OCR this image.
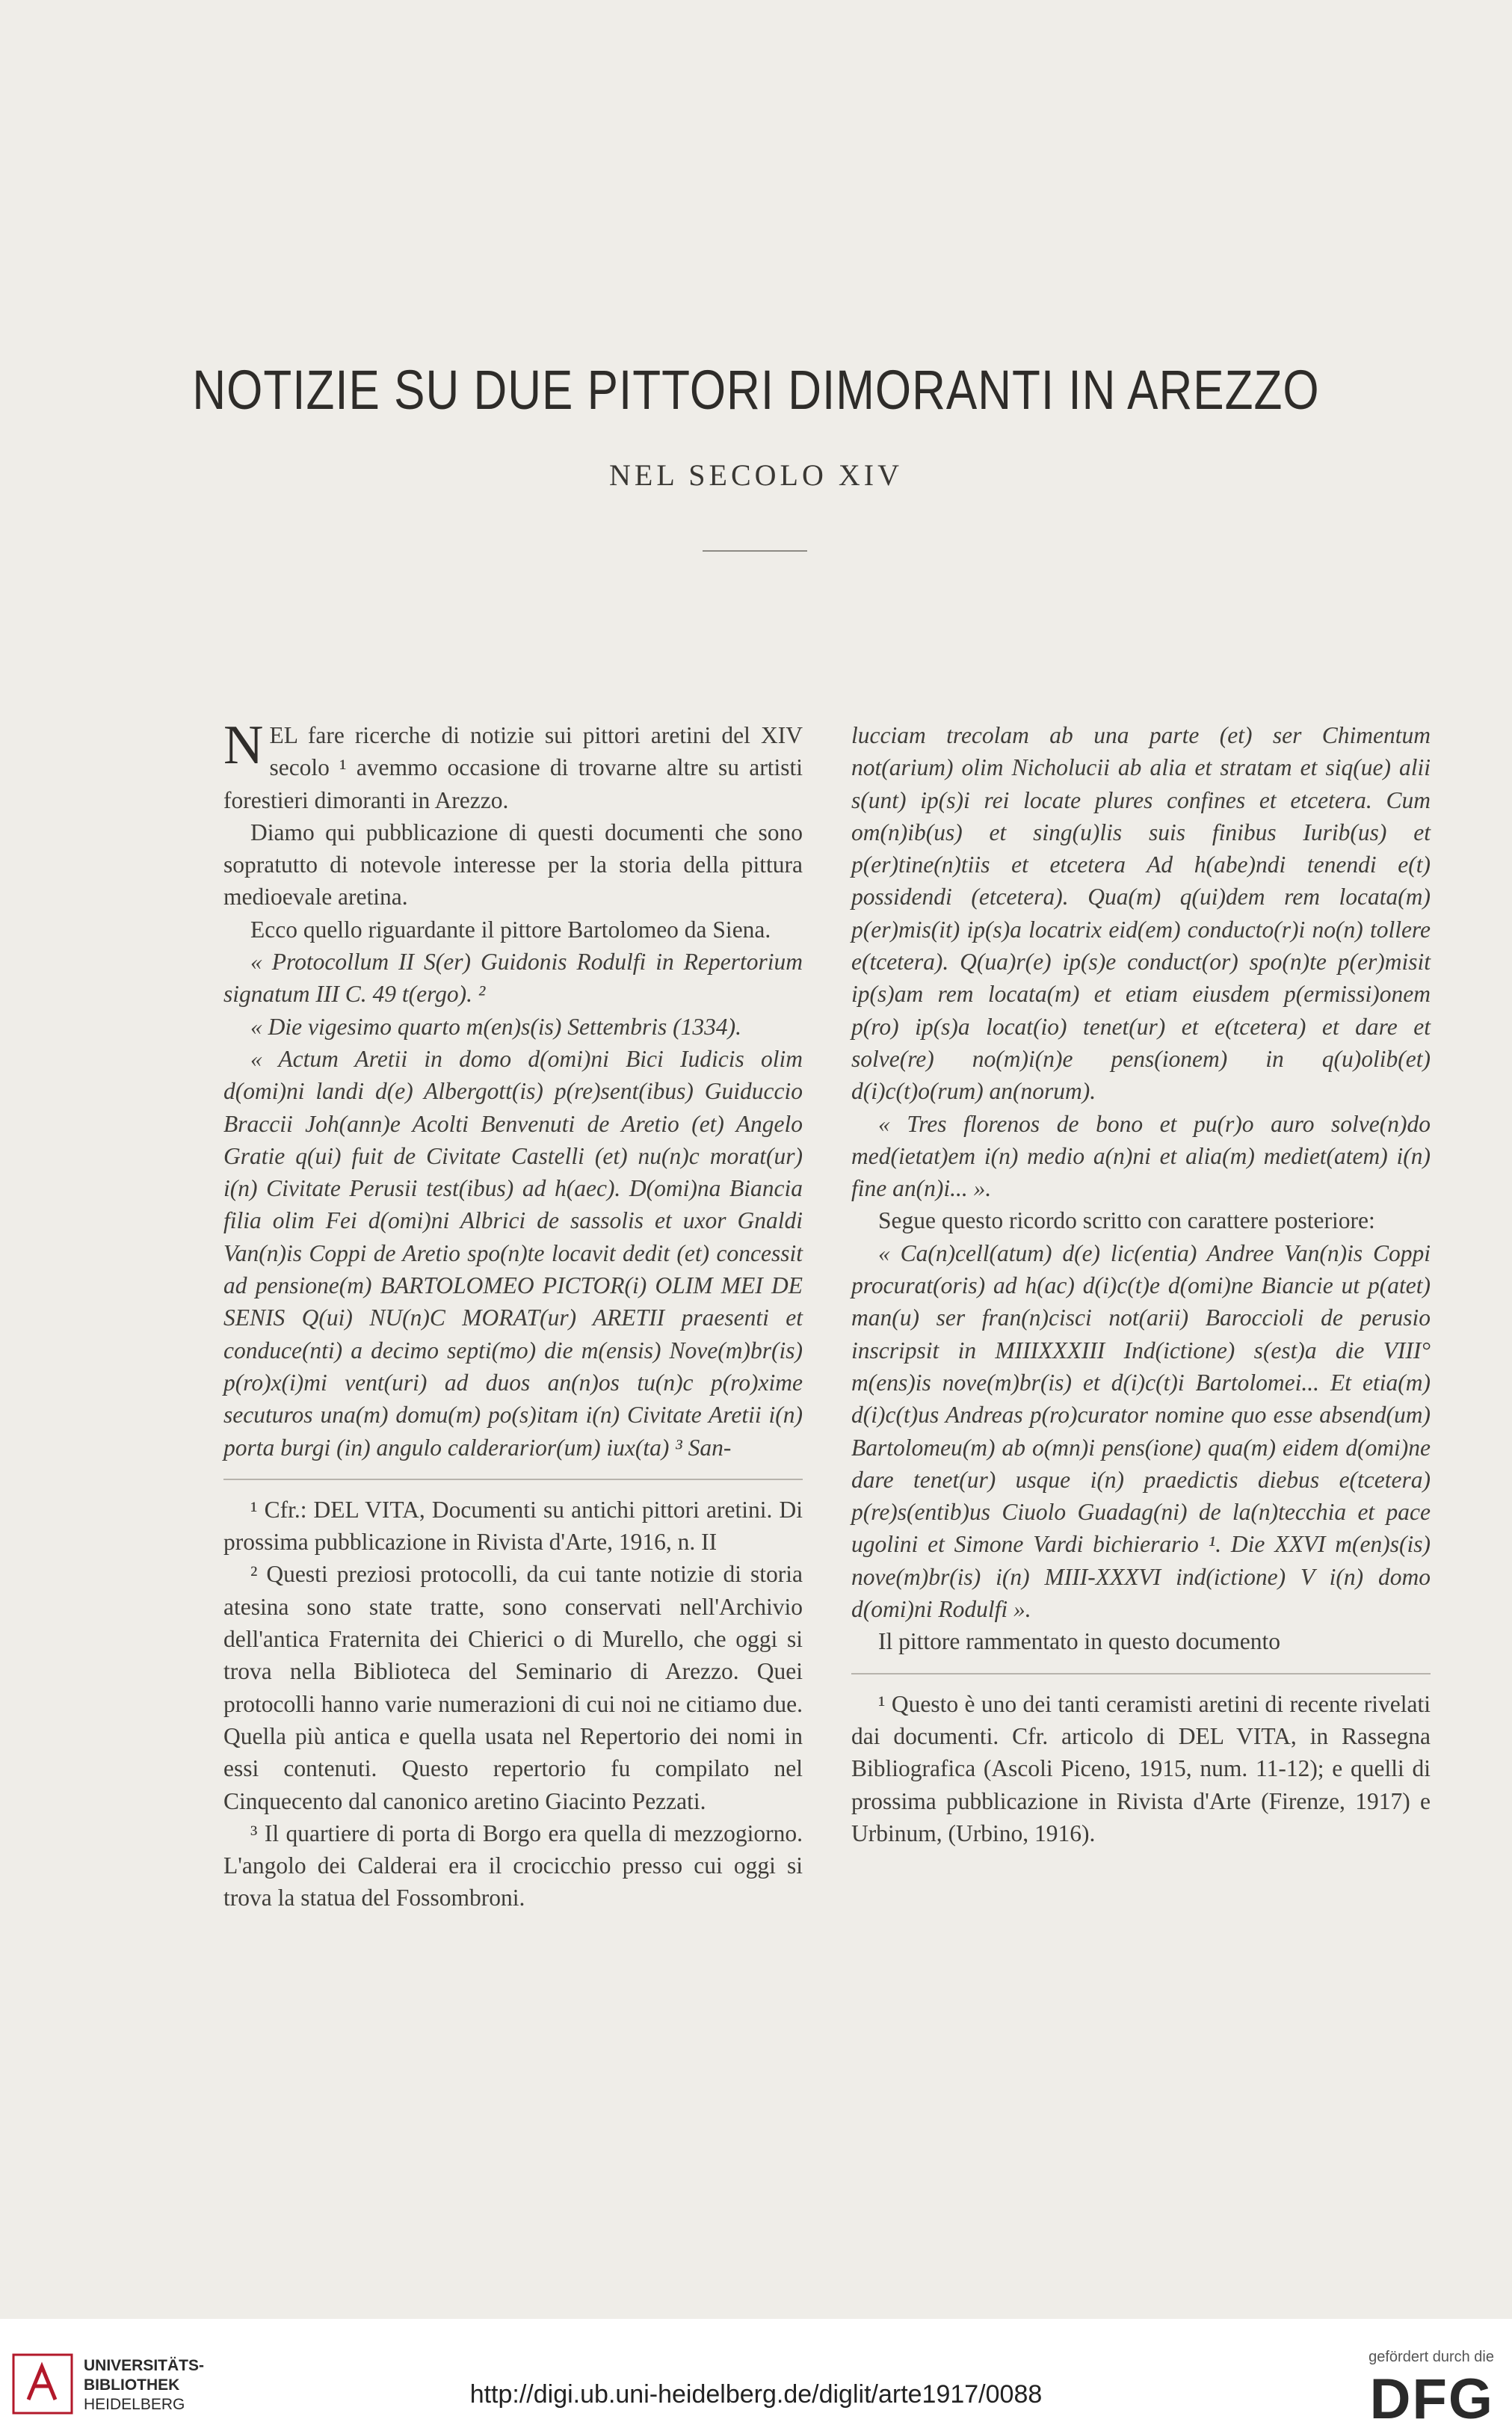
NOTIZIE SU DUE PITTORI DIMORANTI IN AREZZO
NEL SECOLO XIV

NEL fare ricerche di notizie sui pittori aretini del XIV secolo ¹ avemmo occasione di trovarne altre su artisti forestieri dimoranti in Arezzo.

Diamo qui pubblicazione di questi documenti che sono sopratutto di notevole interesse per la storia della pittura medioevale aretina.

Ecco quello riguardante il pittore Bartolomeo da Siena.

« Protocollum II S(er) Guidonis Rodulfi in Repertorium signatum III C. 49 t(ergo). ²

« Die vigesimo quarto m(en)s(is) Settembris (1334).

« Actum Aretii in domo d(omi)ni Bici Iudicis olim d(omi)ni landi d(e) Albergott(is) p(re)sent(ibus) Guiduccio Braccii Joh(ann)e Acolti Benvenuti de Aretio (et) Angelo Gratie q(ui) fuit de Civitate Castelli (et) nu(n)c morat(ur) i(n) Civitate Perusii test(ibus) ad h(aec). D(omi)na Biancia filia olim Fei d(omi)ni Albrici de sassolis et uxor Gnaldi Van(n)is Coppi de Aretio spo(n)te locavit dedit (et) concessit ad pensione(m) BARTOLOMEO PICTOR(i) OLIM MEI DE SENIS Q(ui) NU(n)C MORAT(ur) ARETII praesenti et conduce(nti) a decimo septi(mo) die m(ensis) Nove(m)br(is) p(ro)x(i)mi vent(uri) ad duos an(n)os tu(n)c p(ro)xime secuturos una(m) domu(m) po(s)itam i(n) Civitate Aretii i(n) porta burgi (in) angulo calderarior(um) iux(ta) ³ San-

¹ Cfr.: DEL VITA, Documenti su antichi pittori aretini. Di prossima pubblicazione in Rivista d'Arte, 1916, n. II

² Questi preziosi protocolli, da cui tante notizie di storia atesina sono state tratte, sono conservati nell'Archivio dell'antica Fraternita dei Chierici o di Murello, che oggi si trova nella Biblioteca del Seminario di Arezzo. Quei protocolli hanno varie numerazioni di cui noi ne citiamo due. Quella più antica e quella usata nel Repertorio dei nomi in essi contenuti. Questo repertorio fu compilato nel Cinquecento dal canonico aretino Giacinto Pezzati.

³ Il quartiere di porta di Borgo era quella di mezzogiorno. L'angolo dei Calderai era il crocicchio presso cui oggi si trova la statua del Fossombroni.

lucciam trecolam ab una parte (et) ser Chimentum not(arium) olim Nicholucii ab alia et stratam et siq(ue) alii s(unt) ip(s)i rei locate plures confines et etcetera. Cum om(n)ib(us) et sing(u)lis suis finibus Iurib(us) et p(er)tine(n)tiis et etcetera Ad h(abe)ndi tenendi e(t) possidendi (etcetera). Qua(m) q(ui)dem rem locata(m) p(er)mis(it) ip(s)a locatrix eid(em) conducto(r)i no(n) tollere e(tcetera). Q(ua)r(e) ip(s)e conduct(or) spo(n)te p(er)misit ip(s)am rem locata(m) et etiam eiusdem p(ermissi)onem p(ro) ip(s)a locat(io) tenet(ur) et e(tcetera) et dare et solve(re) no(m)i(n)e pens(ionem) in q(u)olib(et) d(i)c(t)o(rum) an(norum).

« Tres florenos de bono et pu(r)o auro solve(n)do med(ietat)em i(n) medio a(n)ni et alia(m) mediet(atem) i(n) fine an(n)i... ».

Segue questo ricordo scritto con carattere posteriore:

« Ca(n)cell(atum) d(e) lic(entia) Andree Van(n)is Coppi procurat(oris) ad h(ac) d(i)c(t)e d(omi)ne Biancie ut p(atet) man(u) ser fran(n)cisci not(arii) Baroccioli de perusio inscripsit in MIIIXXXIII Ind(ictione) s(est)a die VIII° m(ens)is nove(m)br(is) et d(i)c(t)i Bartolomei... Et etia(m) d(i)c(t)us Andreas p(ro)curator nomine quo esse absend(um) Bartolomeu(m) ab o(mn)i pens(ione) qua(m) eidem d(omi)ne dare tenet(ur) usque i(n) praedictis diebus e(tcetera) p(re)s(entib)us Ciuolo Guadag(ni) de la(n)tecchia et pace ugolini et Simone Vardi bichierario ¹. Die XXVI m(en)s(is) nove(m)br(is) i(n) MIII-XXXVI ind(ictione) V i(n) domo d(omi)ni Rodulfi ».

Il pittore rammentato in questo documento

¹ Questo è uno dei tanti ceramisti aretini di recente rivelati dai documenti. Cfr. articolo di DEL VITA, in Rassegna Bibliografica (Ascoli Piceno, 1915, num. 11-12); e quelli di prossima pubblicazione in Rivista d'Arte (Firenze, 1917) e Urbinum, (Urbino, 1916).

UNIVERSITÄTS-
BIBLIOTHEK
HEIDELBERG	http://digi.ub.uni-heidelberg.de/diglit/arte1917/0088
gefördert durch die
DFG
